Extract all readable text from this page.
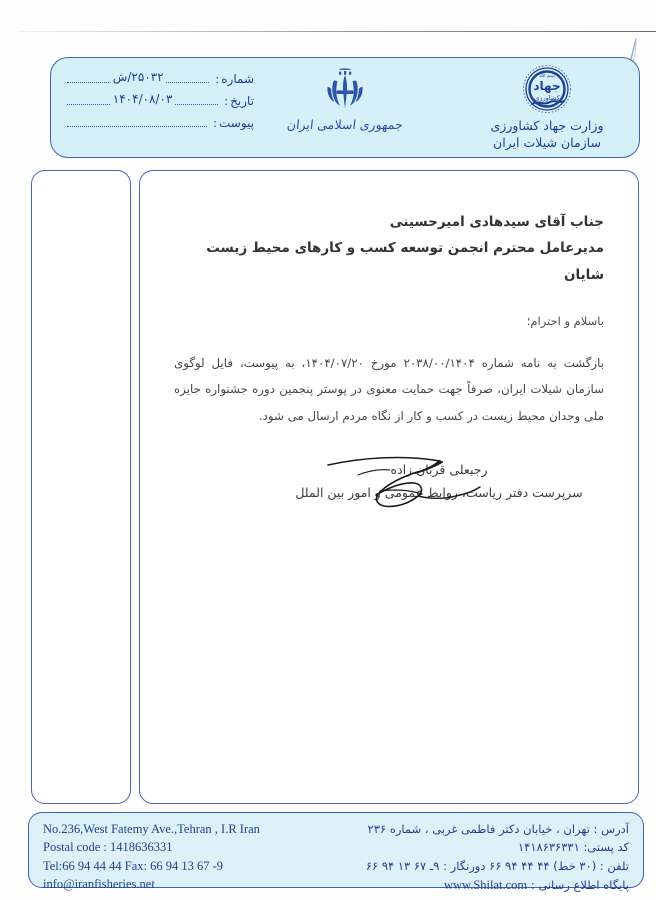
شماره
:
۲۵۰۳۲/ش
تاریخ
:
۱۴۰۴/۰۸/۰۳
پیوست
:	جمهوری اسلامی ایران
جهاد
کشاورزی
بسم الله
وزارت جهاد کشاورزی
سازمان شیلات ایران
جناب آقای سیدهادی امیرحسینی
مدیرعامل محترم انجمن توسعه کسب و کارهای محیط زیست شایان
باسلام و احترام؛
بازگشت به نامه شماره ۲۰۳۸/۰۰/۱۴۰۴ مورخ ۱۴۰۴/۰۷/۲۰، به پیوست، فایل لوگوی سازمان شیلات ایران، صرفاً جهت حمایت معنوی در پوستر پنجمین دوره جشنواره جایزه ملی وجدان محیط زیست در کسب و کار از نگاه مردم ارسال می شود.
رجبعلی قربان زاده
سرپرست دفتر ریاست، روابط عمومی و امور بین الملل
No.236,West Fatemy Ave.,Tehran , I.R Iran
Postal code : 1418636331
Tel:66 94 44 44 Fax: 66 94 13 67 -9
info@iranfisheries.net
آدرس : تهران ، خیابان دکتر فاطمی غربی ، شماره ۲۳۶
کد پستی: ۱۴۱۸۶۳۶۳۳۱
تلفن : (۳۰ خط) ۴۴ ۴۴ ۹۴ ۶۶ دورنگار : ۹ـ ۶۷ ۱۳ ۹۴ ۶۶
پایگاه اطلاع رسانی : www.Shilat.com
